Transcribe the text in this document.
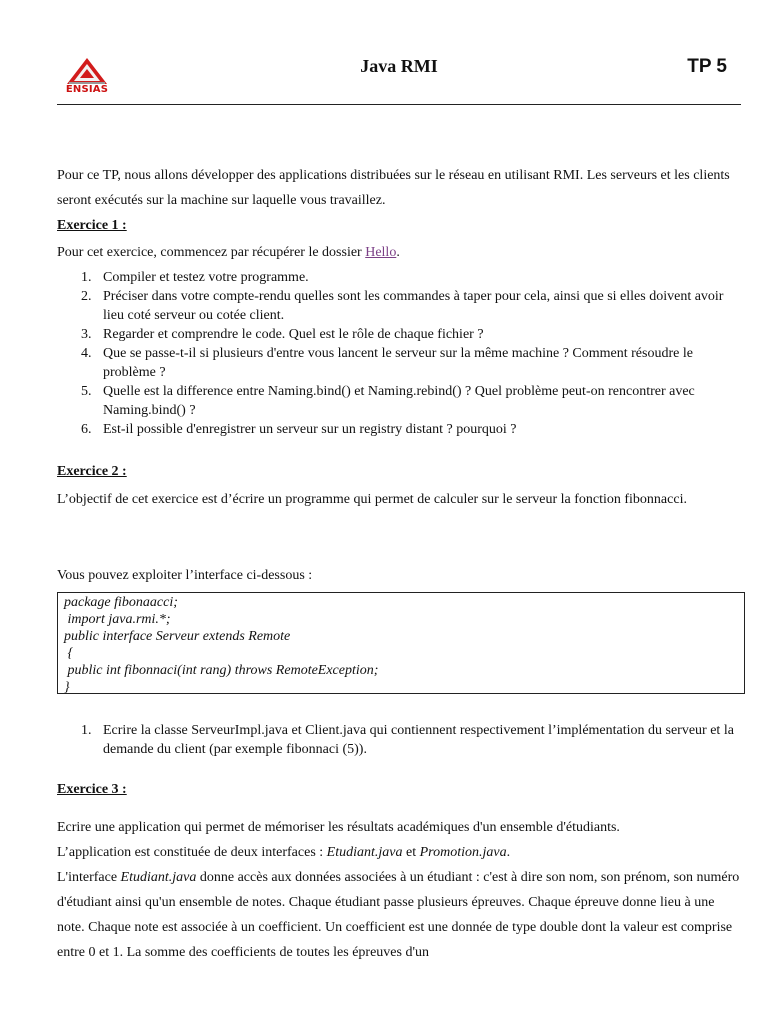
ENSIAS
Java RMI	TP 5
Pour ce TP, nous allons développer des applications distribuées sur le réseau en utilisant RMI. Les serveurs et les clients seront exécutés sur la machine sur laquelle vous travaillez.
Exercice 1 :
Pour cet exercice, commencez par récupérer le dossier Hello.
1. Compiler et testez votre programme.
2. Préciser dans votre compte-rendu quelles sont les commandes à taper pour cela, ainsi que si elles doivent avoir lieu coté serveur ou cotée client.
3. Regarder et comprendre le code. Quel est le rôle de chaque fichier ?
4. Que se passe-t-il si plusieurs d'entre vous lancent le serveur sur la même machine ? Comment résoudre le problème ?
5. Quelle est la difference entre Naming.bind() et Naming.rebind() ? Quel problème peut-on rencontrer avec Naming.bind() ?
6. Est-il possible d'enregistrer un serveur sur un registry distant ? pourquoi ?
Exercice 2 :
L’objectif de cet exercice est d’écrire un programme qui permet de calculer sur le serveur la fonction fibonnacci.
Vous pouvez exploiter l’interface ci-dessous :
package fibonaacci;
import java.rmi.*;
public interface Serveur extends Remote
{
public int fibonnaci(int rang) throws RemoteException;
}
1. Ecrire la classe ServeurImpl.java et Client.java qui contiennent respectivement l’implémentation du serveur et la demande du client (par exemple fibonnaci (5)).
Exercice 3 :
Ecrire une application qui permet de mémoriser les résultats académiques d'un ensemble d'étudiants.
L’application est constituée de deux interfaces : Etudiant.java et Promotion.java.
L'interface Etudiant.java donne accès aux données associées à un étudiant : c'est à dire son nom, son prénom, son numéro d'étudiant ainsi qu'un ensemble de notes. Chaque étudiant passe plusieurs épreuves. Chaque épreuve donne lieu à une note. Chaque note est associée à un coefficient. Un coefficient est une donnée de type double dont la valeur est comprise entre 0 et 1. La somme des coefficients de toutes les épreuves d'un
